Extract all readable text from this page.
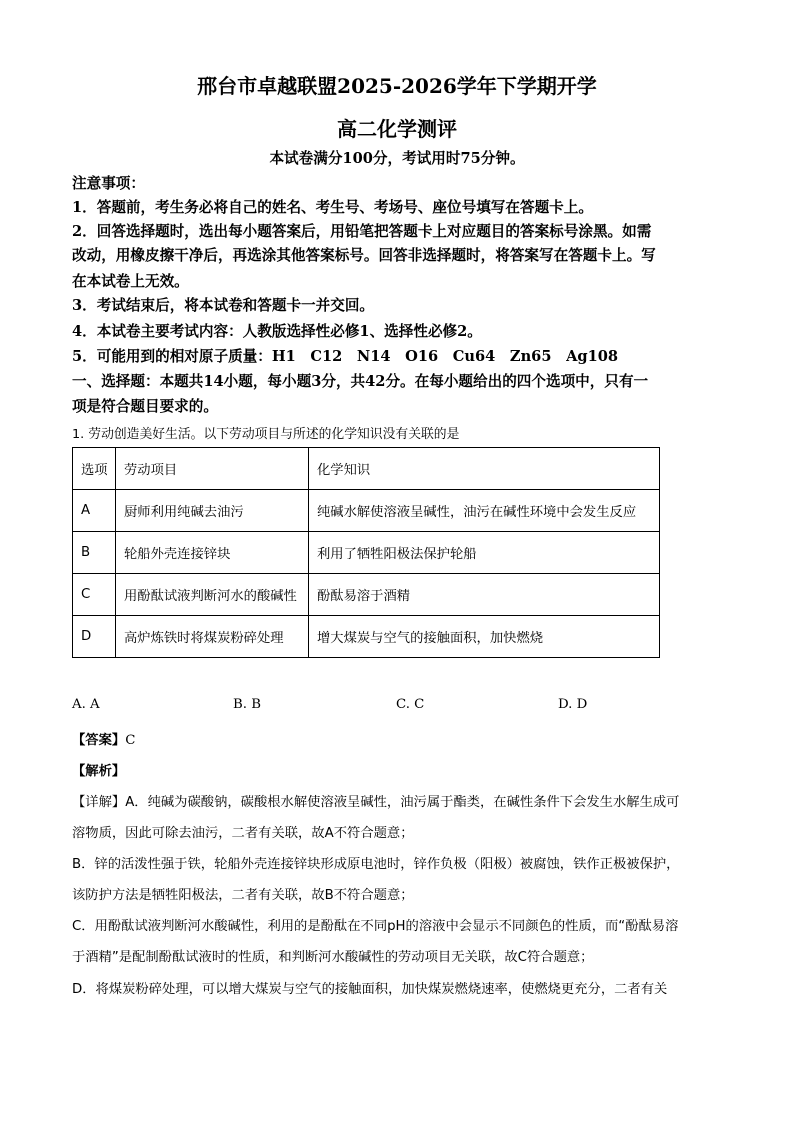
邢台市卓越联盟2025-2026学年下学期开学
高二化学测评
本试卷满分100分，考试用时75分钟。
注意事项：
1．答题前，考生务必将自己的姓名、考生号、考场号、座位号填写在答题卡上。
2．回答选择题时，选出每小题答案后，用铅笔把答题卡上对应题目的答案标号涂黑。如需
改动，用橡皮擦干净后，再选涂其他答案标号。回答非选择题时，将答案写在答题卡上。写
在本试卷上无效。
3．考试结束后，将本试卷和答题卡一并交回。
4．本试卷主要考试内容：人教版选择性必修1、选择性必修2。
5．可能用到的相对原子质量：H1　C12　N14　O16　Cu64　Zn65　Ag108
一、选择题：本题共14小题，每小题3分，共42分。在每小题给出的四个选项中，只有一
项是符合题目要求的。
1. 劳动创造美好生活。以下劳动项目与所述的化学知识没有关联的是
选项	劳动项目	化学知识
A	厨师利用纯碱去油污	纯碱水解使溶液呈碱性，油污在碱性环境中会发生反应
B	轮船外壳连接锌块	利用了牺牲阳极法保护轮船
C	用酚酞试液判断河水的酸碱性	酚酞易溶于酒精
D	高炉炼铁时将煤炭粉碎处理	增大煤炭与空气的接触面积，加快燃烧
A. A	B. B	C. C	D. D
【答案】C
【解析】
【详解】A．纯碱为碳酸钠，碳酸根水解使溶液呈碱性，油污属于酯类，在碱性条件下会发生水解生成可
溶物质，因此可除去油污，二者有关联，故A不符合题意；
B．锌的活泼性强于铁，轮船外壳连接锌块形成原电池时，锌作负极（阳极）被腐蚀，铁作正极被保护，
该防护方法是牺牲阳极法，二者有关联，故B不符合题意；
C．用酚酞试液判断河水酸碱性，利用的是酚酞在不同pH的溶液中会显示不同颜色的性质，而“酚酞易溶
于酒精”是配制酚酞试液时的性质，和判断河水酸碱性的劳动项目无关联，故C符合题意；
D．将煤炭粉碎处理，可以增大煤炭与空气的接触面积，加快煤炭燃烧速率，使燃烧更充分，二者有关
